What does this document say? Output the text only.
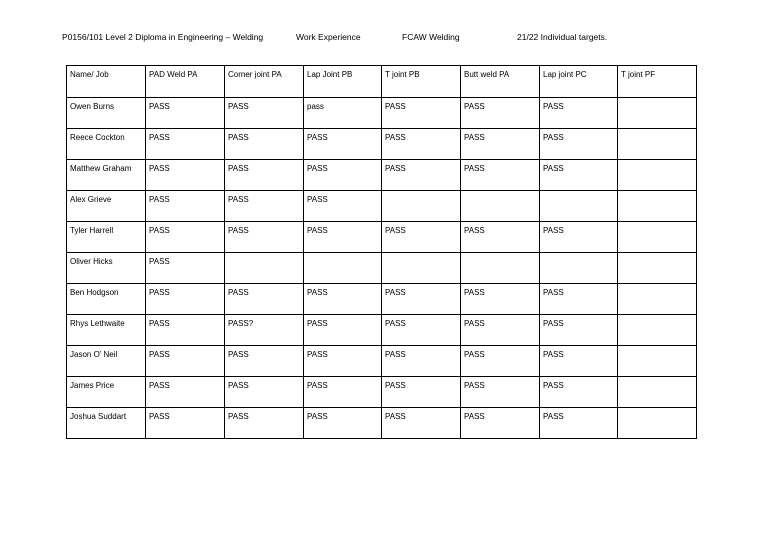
P0156/101 Level 2 Diploma in Engineering – Welding	Work Experience	FCAW Welding	21/22 Individual targets.
Name/ Job	PAD Weld PA	Corner joint PA	Lap Joint PB	T joint PB	Butt weld PA	Lap joint PC	T joint PF
Owen Burns	PASS	PASS	pass	PASS	PASS	PASS	
Reece Cockton	PASS	PASS	PASS	PASS	PASS	PASS	
Matthew Graham	PASS	PASS	PASS	PASS	PASS	PASS	
Alex Grieve	PASS	PASS	PASS				
Tyler Harrell	PASS	PASS	PASS	PASS	PASS	PASS	
Oliver Hicks	PASS						
Ben Hodgson	PASS	PASS	PASS	PASS	PASS	PASS	
Rhys Lethwaite	PASS	PASS?	PASS	PASS	PASS	PASS	
Jason O’ Neil	PASS	PASS	PASS	PASS	PASS	PASS	
James Price	PASS	PASS	PASS	PASS	PASS	PASS	
Joshua Suddart	PASS	PASS	PASS	PASS	PASS	PASS	
